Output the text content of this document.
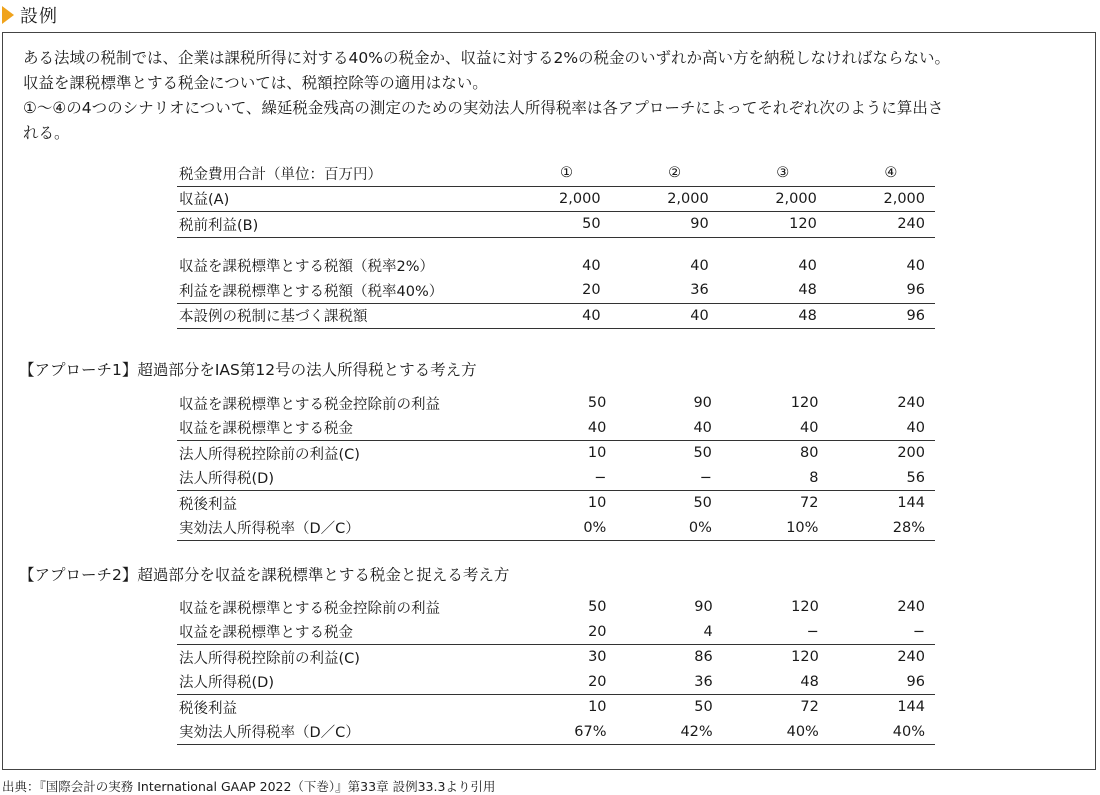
設例
ある法域の税制では、企業は課税所得に対する40%の税金か、収益に対する2%の税金のいずれか高い方を納税しなければならない。
収益を課税標準とする税金については、税額控除等の適用はない。
①～④の4つのシナリオについて、繰延税金残高の測定のための実効法人所得税率は各アプローチによってそれぞれ次のように算出さ
れる。
税金費用合計（単位：百万円）	①	②	③	④
収益(A)	2,000	2,000	2,000	2,000
税前利益(B)	50	90	120	240

収益を課税標準とする税額（税率2%）	40	40	40	40
利益を課税標準とする税額（税率40%）	20	36	48	96
本設例の税制に基づく課税額	40	40	48	96
【アプローチ1】超過部分をIAS第12号の法人所得税とする考え方
収益を課税標準とする税金控除前の利益	50	90	120	240
収益を課税標準とする税金	40	40	40	40
法人所得税控除前の利益(C)	10	50	80	200
法人所得税(D)	−	−	8	56
税後利益	10	50	72	144
実効法人所得税率（D／C）	0%	0%	10%	28%
【アプローチ2】超過部分を収益を課税標準とする税金と捉える考え方
収益を課税標準とする税金控除前の利益	50	90	120	240
収益を課税標準とする税金	20	4	−	−
法人所得税控除前の利益(C)	30	86	120	240
法人所得税(D)	20	36	48	96
税後利益	10	50	72	144
実効法人所得税率（D／C）	67%	42%	40%	40%
出典：『国際会計の実務 International GAAP 2022（下巻）』第33章 設例33.3より引用
